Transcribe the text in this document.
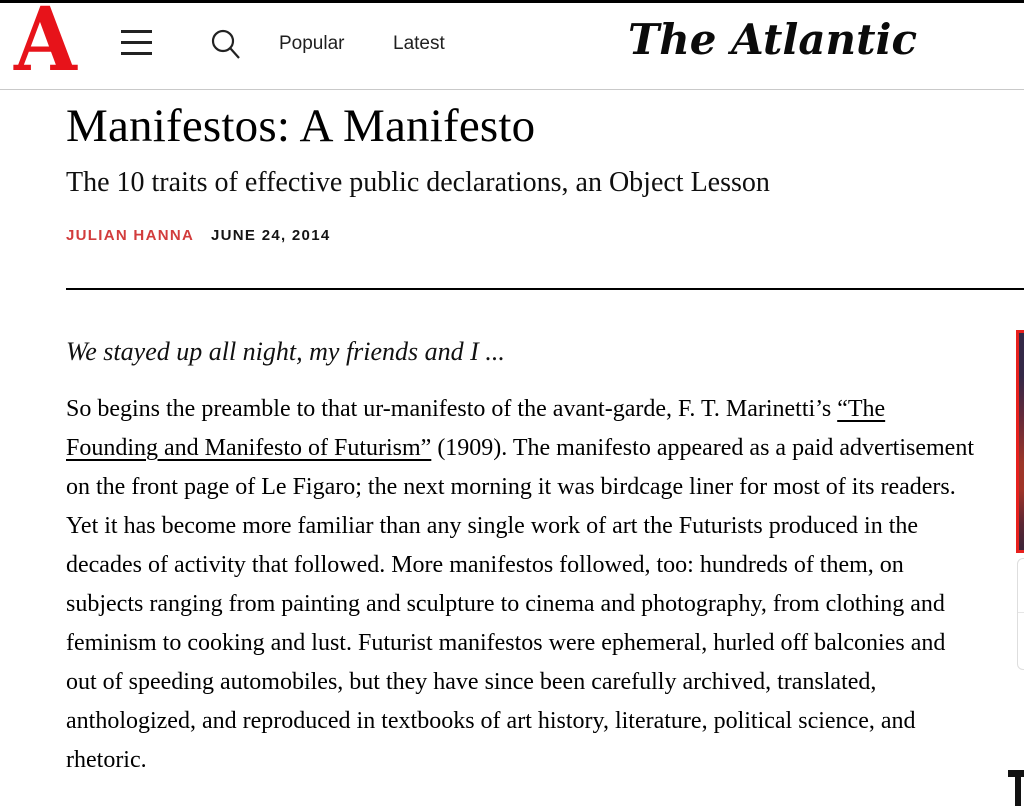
A	Popular	Latest	The Atlantic
Manifestos: A Manifesto
The 10 traits of effective public declarations, an Object Lesson
JULIAN HANNA JUNE 24, 2014

We stayed up all night, my friends and I ...

So begins the preamble to that ur-manifesto of the avant-garde, F. T. Marinetti’s “The Founding and Manifesto of Futurism” (1909). The manifesto appeared as a paid advertisement on the front page of Le Figaro; the next morning it was birdcage liner for most of its readers. Yet it has become more familiar than any single work of art the Futurists produced in the decades of activity that followed. More manifestos followed, too: hundreds of them, on subjects ranging from painting and sculpture to cinema and photography, from clothing and feminism to cooking and lust. Futurist manifestos were ephemeral, hurled off balconies and out of speeding automobiles, but they have since been carefully archived, translated, anthologized, and reproduced in textbooks of art history, literature, political science, and rhetoric.
